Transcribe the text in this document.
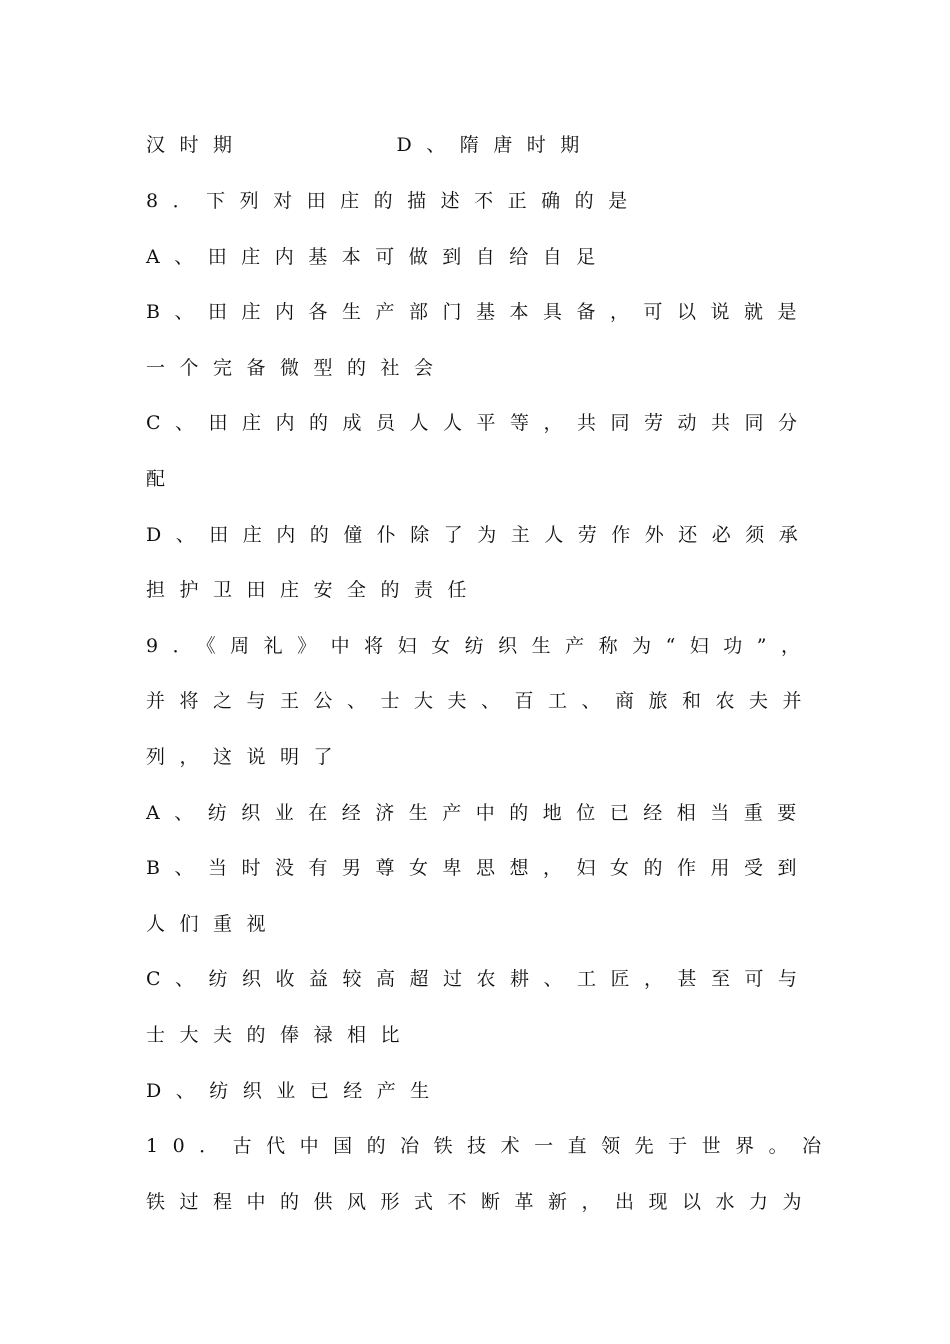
汉时期	D、隋唐时期
8．下列对田庄的描述不正确的是
A、田庄内基本可做到自给自足
B、田庄内各生产部门基本具备，可以说就是
一个完备微型的社会
C、田庄内的成员人人平等，共同劳动共同分
配
D、田庄内的僮仆除了为主人劳作外还必须承
担护卫田庄安全的责任
9．《周礼》中将妇女纺织生产称为“妇功”，
并将之与王公、士大夫、百工、商旅和农夫并
列，这说明了
A、纺织业在经济生产中的地位已经相当重要
B、当时没有男尊女卑思想，妇女的作用受到
人们重视
C、纺织收益较高超过农耕、工匠，甚至可与
士大夫的俸禄相比
D、纺织业已经产生
10．古代中国的冶铁技术一直领先于世界。冶
铁过程中的供风形式不断革新，出现以水力为
